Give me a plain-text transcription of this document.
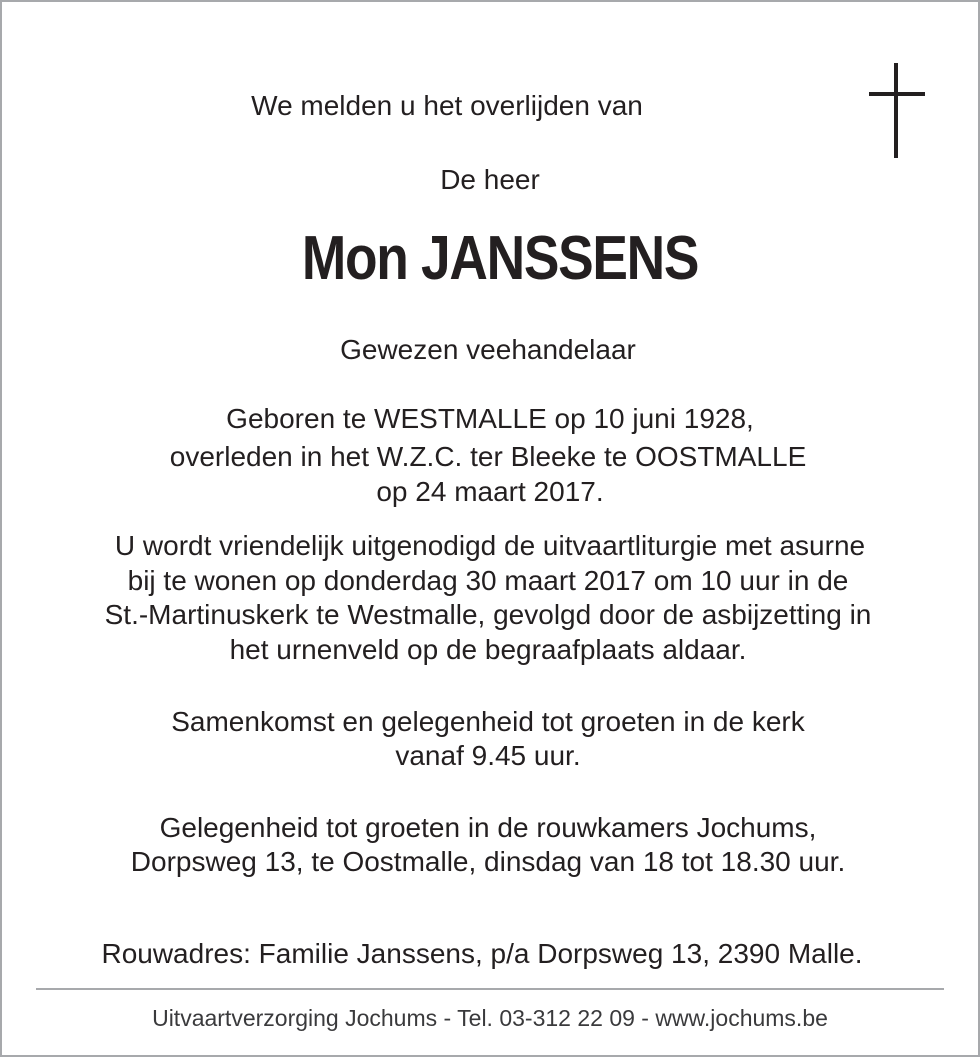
We melden u het overlijden van
De heer
Mon JANSSENS
Gewezen veehandelaar
Geboren te WESTMALLE op 10 juni 1928,
overleden in het W.Z.C. ter Bleeke te OOSTMALLE
op 24 maart 2017.
U wordt vriendelijk uitgenodigd de uitvaartliturgie met asurne
bij te wonen op donderdag 30 maart 2017 om 10 uur in de
St.-Martinuskerk te Westmalle, gevolgd door de asbijzetting in
het urnenveld op de begraafplaats aldaar.
Samenkomst en gelegenheid tot groeten in de kerk
vanaf 9.45 uur.
Gelegenheid tot groeten in de rouwkamers Jochums,
Dorpsweg 13, te Oostmalle, dinsdag van 18 tot 18.30 uur.
Rouwadres: Familie Janssens, p/a Dorpsweg 13, 2390 Malle.
Uitvaartverzorging Jochums - Tel. 03-312 22 09 - www.jochums.be
